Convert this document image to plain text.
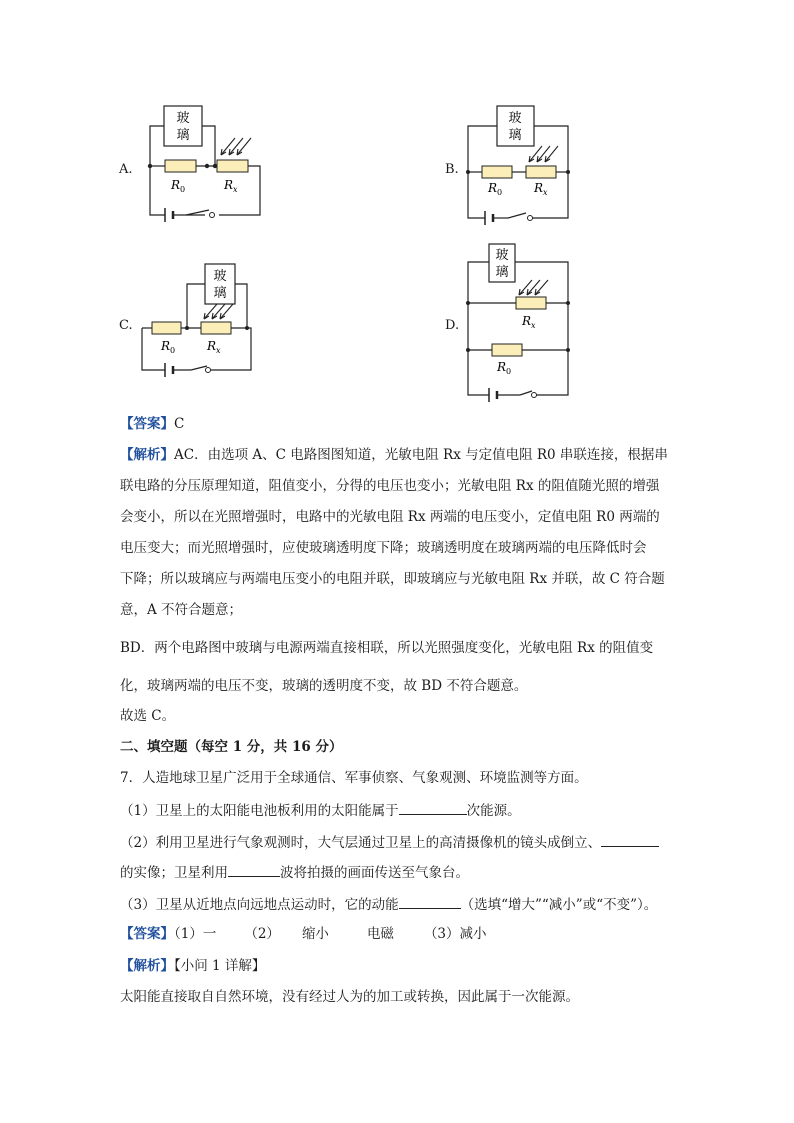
A.
玻
璃
$R_0$	$R_x$
B.
玻
璃
$R_0$	$R_x$
C.
玻
璃
$R_0$	$R_x$
D.
玻
璃
$R_x$
$R_0$
【答案】C
【解析】AC．由选项 A、C 电路图图知道，光敏电阻 Rx 与定值电阻 R0 串联连接，根据串
联电路的分压原理知道，阻值变小，分得的电压也变小；光敏电阻 Rx 的阻值随光照的增强
会变小，所以在光照增强时，电路中的光敏电阻 Rx 两端的电压变小，定值电阻 R0 两端的
电压变大；而光照增强时，应使玻璃透明度下降；玻璃透明度在玻璃两端的电压降低时会
下降；所以玻璃应与两端电压变小的电阻并联，即玻璃应与光敏电阻 Rx 并联，故 C 符合题
意，A 不符合题意；
BD．两个电路图中玻璃与电源两端直接相联，所以光照强度变化，光敏电阻 Rx 的阻值变
化，玻璃两端的电压不变，玻璃的透明度不变，故 BD 不符合题意。
故选 C。
二、填空题（每空 1 分，共 16 分）
7．人造地球卫星广泛用于全球通信、军事侦察、气象观测、环境监测等方面。
（1）卫星上的太阳能电池板利用的太阳能属于	次能源。
（2）利用卫星进行气象观测时，大气层通过卫星上的高清摄像机的镜头成倒立、
的实像；卫星利用	波将拍摄的画面传送至气象台。
（3）卫星从近地点向远地点运动时，它的动能	（选填“增大”“减小”或“不变”）。
【答案】（1）一 （2） 缩小	电磁 （3）减小
【解析】【小问 1 详解】
太阳能直接取自自然环境，没有经过人为的加工或转换，因此属于一次能源。
